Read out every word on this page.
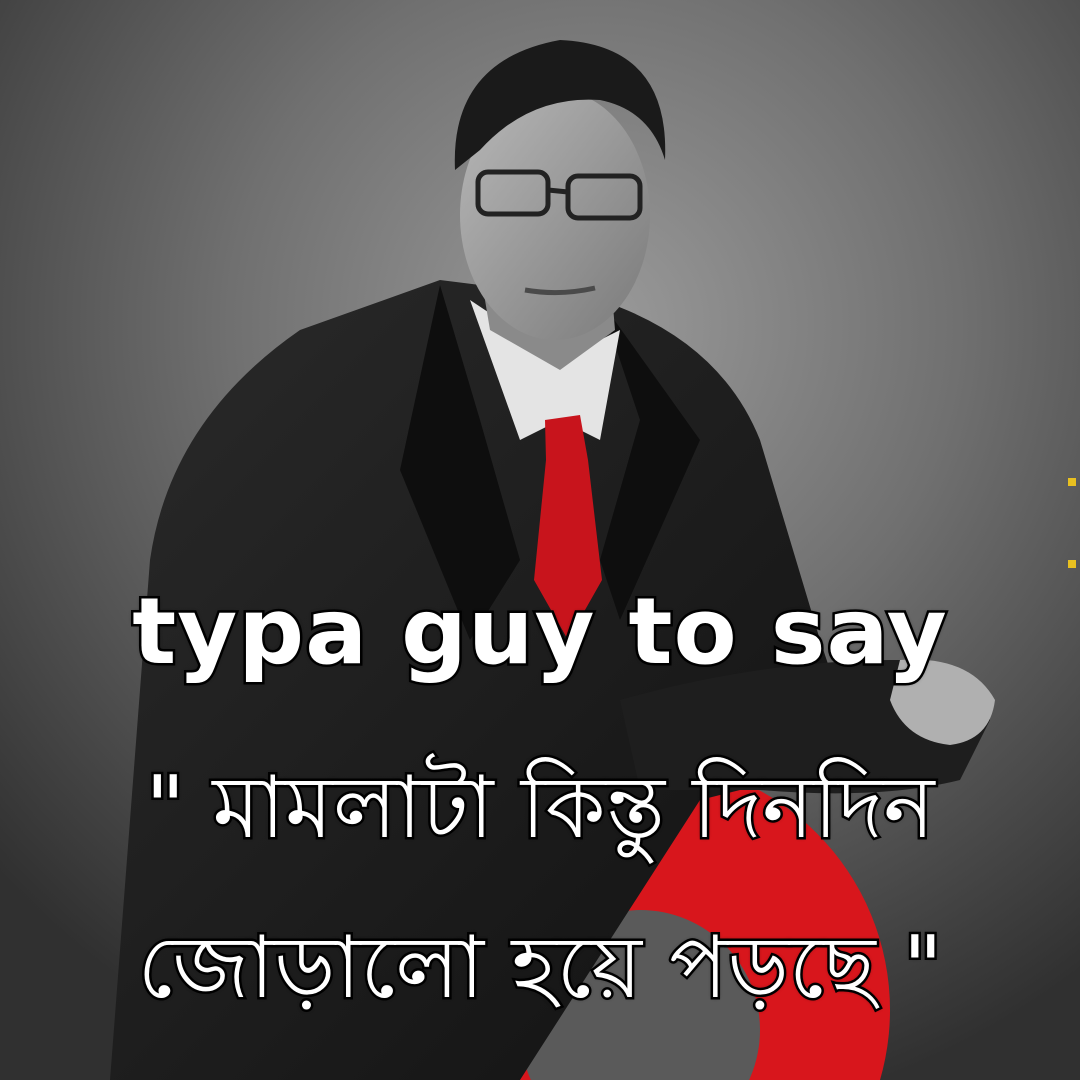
typa guy to say
" মামলাটা কিন্তু দিনদিন
জোড়ালো হয়ে পড়ছে "
